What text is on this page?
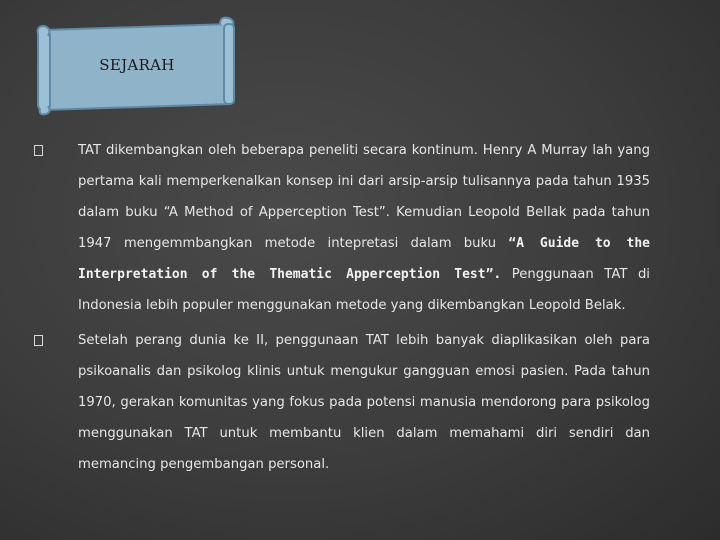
SEJARAH

TAT dikembangkan oleh beberapa peneliti secara kontinum. Henry A Murray lah yang pertama kali memperkenalkan konsep ini dari arsip-arsip tulisannya pada tahun 1935 dalam buku “A Method of Apperception Test”. Kemudian Leopold Bellak pada tahun 1947 mengemmbangkan metode intepretasi dalam buku “A Guide to the Interpretation of the Thematic Apperception Test”. Penggunaan TAT di Indonesia lebih populer menggunakan metode yang dikembangkan Leopold Belak.

Setelah perang dunia ke II, penggunaan TAT lebih banyak diaplikasikan oleh para psikoanalis dan psikolog klinis untuk mengukur gangguan emosi pasien. Pada tahun 1970, gerakan komunitas yang fokus pada potensi manusia mendorong para psikolog menggunakan TAT untuk membantu klien dalam memahami diri sendiri dan memancing pengembangan personal.
